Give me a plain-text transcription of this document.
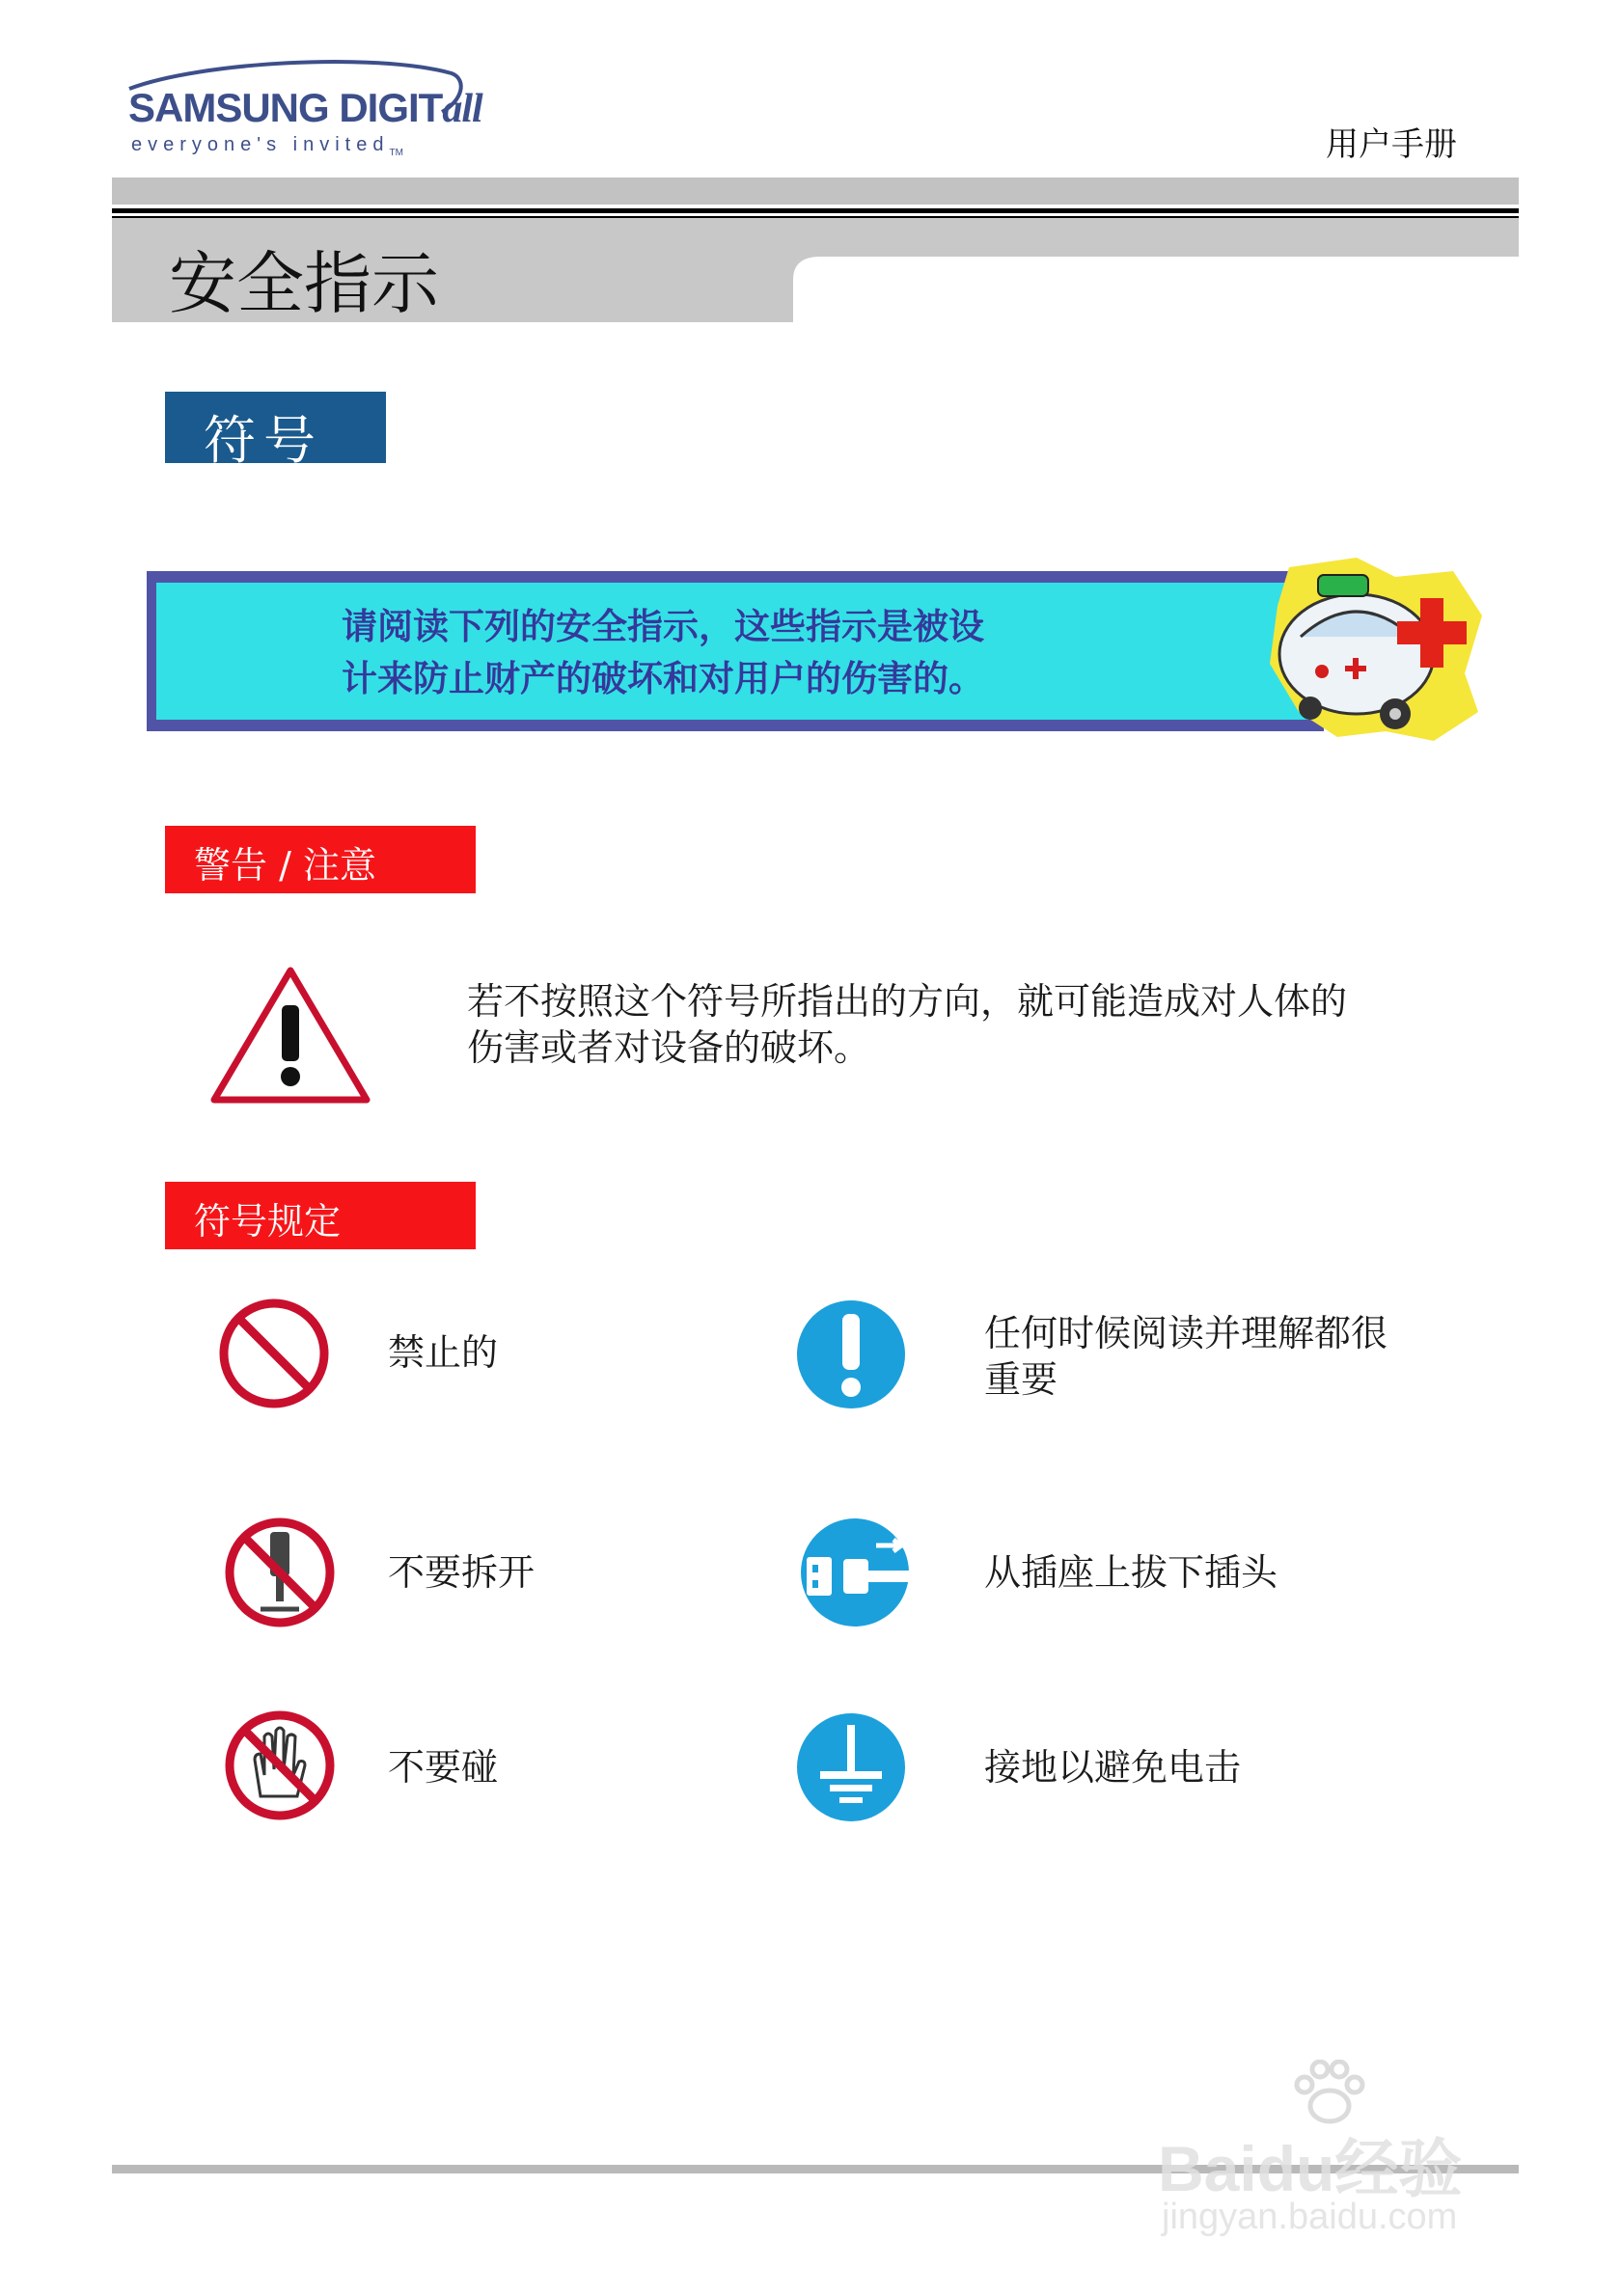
SAMSUNG DIGITall
everyone's invited$_{TM}$	用户手册
安全指示
符号
请阅读下列的安全指示，这些指示是被设
计来防止财产的破坏和对用户的伤害的。
警告 / 注意
若不按照这个符号所指出的方向，就可能造成对人体的
伤害或者对设备的破坏。
符号规定
禁止的	任何时候阅读并理解都很
重要
不要拆开	从插座上拔下插头
不要碰	接地以避免电击
Baidu经验
jingyan.baidu.com
